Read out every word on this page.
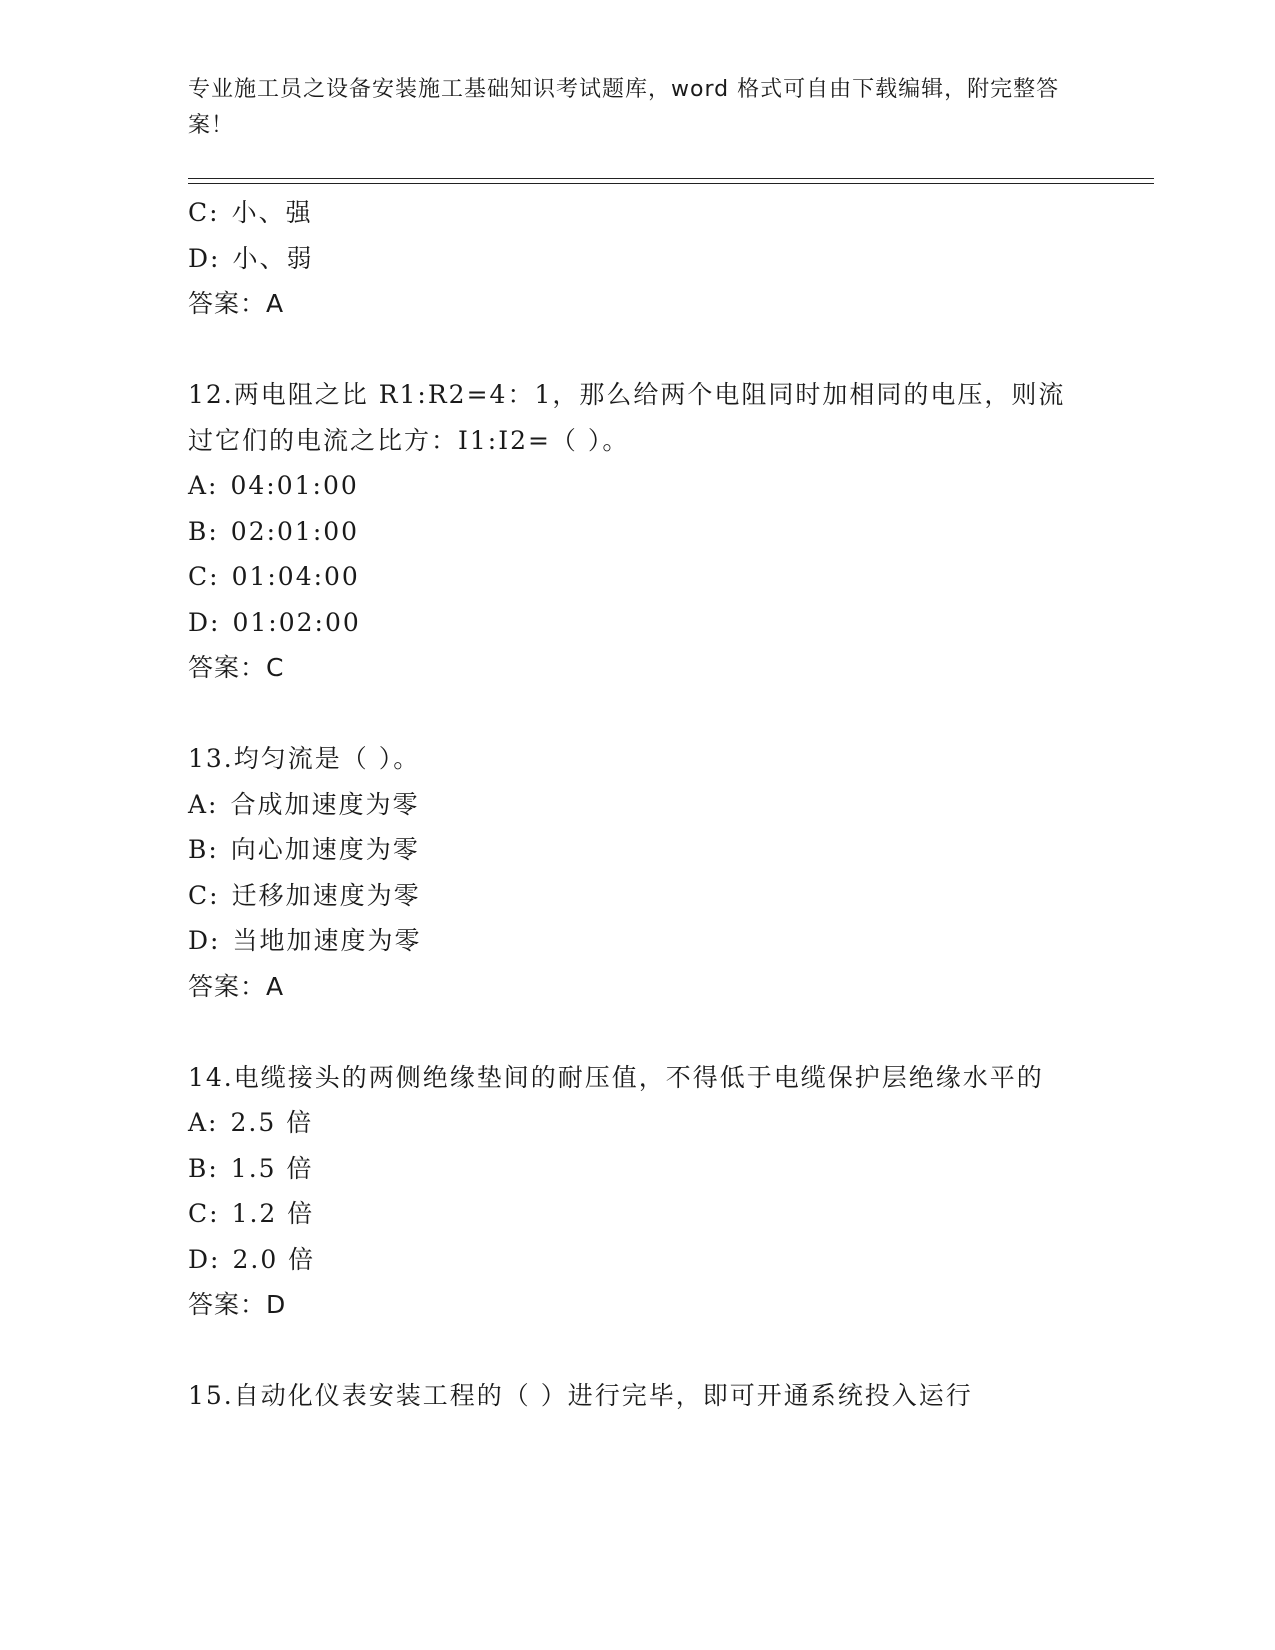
专业施工员之设备安装施工基础知识考试题库，word 格式可自由下载编辑，附完整答案！
C: 小、强
D: 小、弱
答案：A
12.两电阻之比 R1:R2=4：1，那么给两个电阻同时加相同的电压，则流过它们的电流之比方：I1:I2=（ ）。
A: 04:01:00
B: 02:01:00
C: 01:04:00
D: 01:02:00
答案：C
13.均匀流是（ ）。
A: 合成加速度为零
B: 向心加速度为零
C: 迁移加速度为零
D: 当地加速度为零
答案：A
14.电缆接头的两侧绝缘垫间的耐压值，不得低于电缆保护层绝缘水平的
A: 2.5 倍
B: 1.5 倍
C: 1.2 倍
D: 2.0 倍
答案：D
15.自动化仪表安装工程的（ ）进行完毕，即可开通系统投入运行
